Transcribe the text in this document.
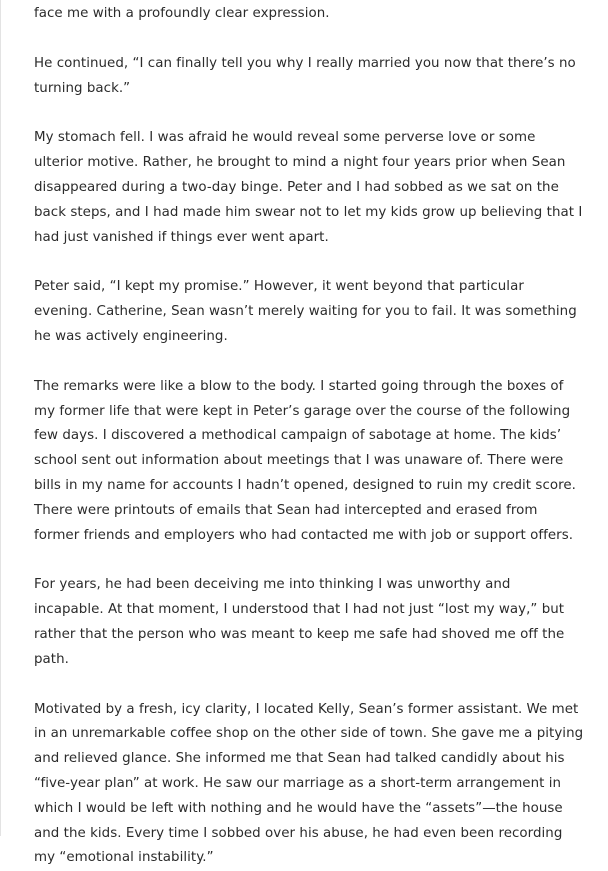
face me with a profoundly clear expression.

He continued, “I can finally tell you why I really married you now that there’s no turning back.”

My stomach fell. I was afraid he would reveal some perverse love or some ulterior motive. Rather, he brought to mind a night four years prior when Sean disappeared during a two-day binge. Peter and I had sobbed as we sat on the back steps, and I had made him swear not to let my kids grow up believing that I had just vanished if things ever went apart.

Peter said, “I kept my promise.” However, it went beyond that particular evening. Catherine, Sean wasn’t merely waiting for you to fail. It was something he was actively engineering.

The remarks were like a blow to the body. I started going through the boxes of my former life that were kept in Peter’s garage over the course of the following few days. I discovered a methodical campaign of sabotage at home. The kids’ school sent out information about meetings that I was unaware of. There were bills in my name for accounts I hadn’t opened, designed to ruin my credit score. There were printouts of emails that Sean had intercepted and erased from former friends and employers who had contacted me with job or support offers.

For years, he had been deceiving me into thinking I was unworthy and incapable. At that moment, I understood that I had not just “lost my way,” but rather that the person who was meant to keep me safe had shoved me off the path.

Motivated by a fresh, icy clarity, I located Kelly, Sean’s former assistant. We met in an unremarkable coffee shop on the other side of town. She gave me a pitying and relieved glance. She informed me that Sean had talked candidly about his “five-year plan” at work. He saw our marriage as a short-term arrangement in which I would be left with nothing and he would have the “assets”—the house and the kids. Every time I sobbed over his abuse, he had even been recording my “emotional instability.”
